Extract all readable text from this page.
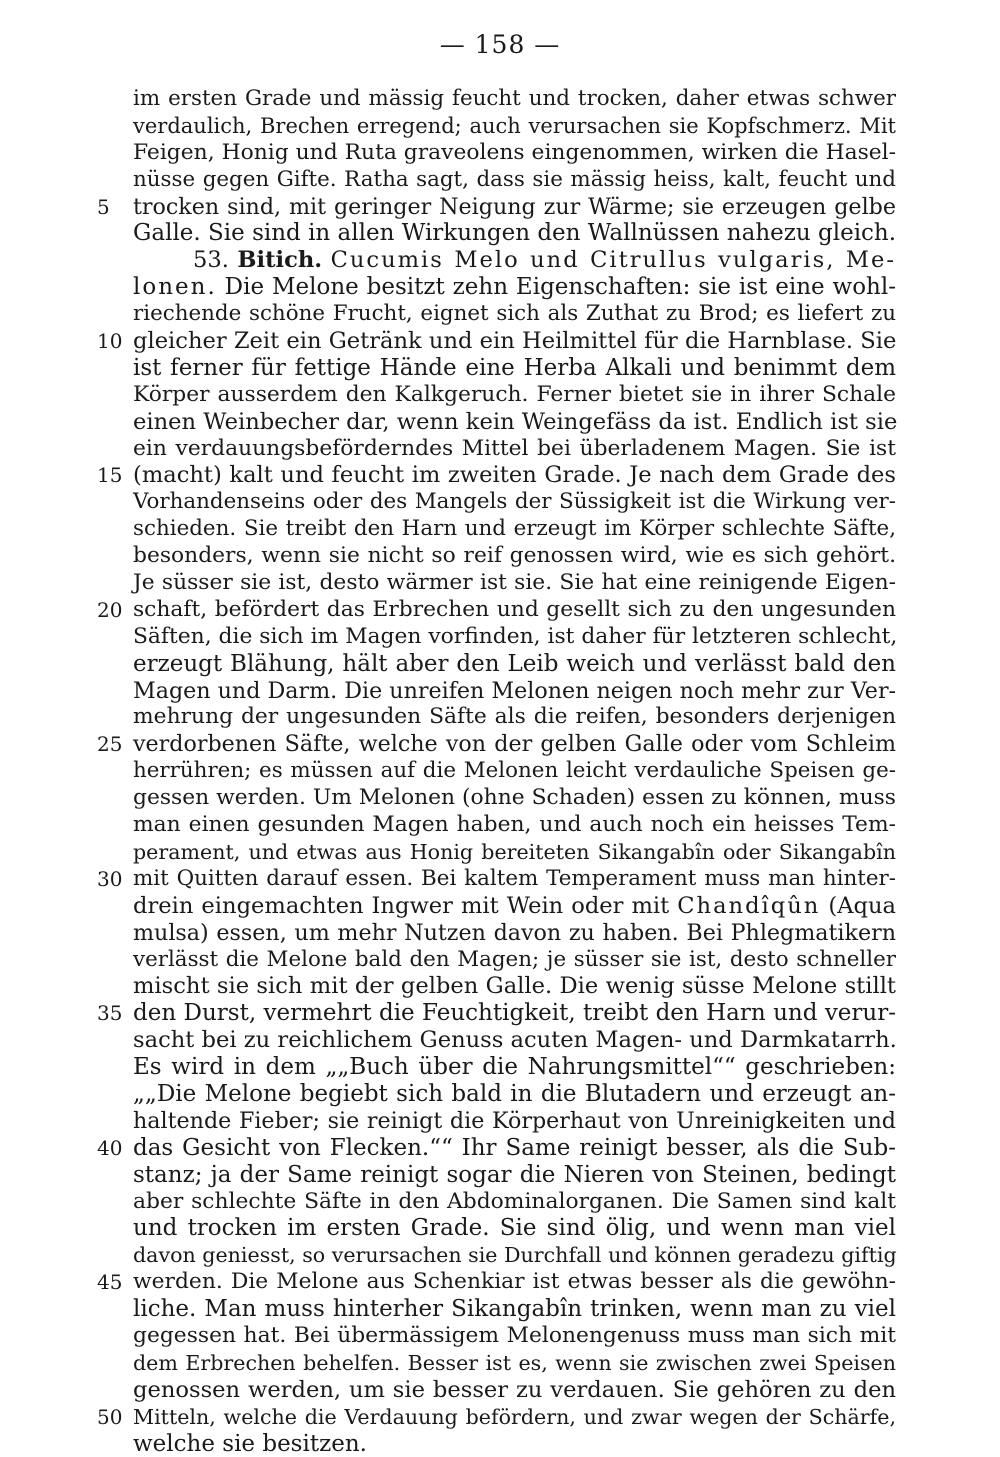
— 158 —
im ersten Grade und mässig feucht und trocken, daher etwas schwer
verdaulich, Brechen erregend; auch verursachen sie Kopfschmerz. Mit
Feigen, Honig und Ruta graveolens eingenommen, wirken die Hasel-
nüsse gegen Gifte. Ratha sagt, dass sie mässig heiss, kalt, feucht und
5	trocken sind, mit geringer Neigung zur Wärme; sie erzeugen gelbe
Galle. Sie sind in allen Wirkungen den Wallnüssen nahezu gleich.
53. Bitich. Cucumis Melo und Citrullus vulgaris, Me-
lonen. Die Melone besitzt zehn Eigenschaften: sie ist eine wohl-
riechende schöne Frucht, eignet sich als Zuthat zu Brod; es liefert zu
10 gleicher Zeit ein Getränk und ein Heilmittel für die Harnblase. Sie
ist ferner für fettige Hände eine Herba Alkali und benimmt dem
Körper ausserdem den Kalkgeruch. Ferner bietet sie in ihrer Schale
einen Weinbecher dar, wenn kein Weingefäss da ist. Endlich ist sie
ein verdauungsbeförderndes Mittel bei überladenem Magen. Sie ist
15 (macht) kalt und feucht im zweiten Grade. Je nach dem Grade des
Vorhandenseins oder des Mangels der Süssigkeit ist die Wirkung ver-
schieden. Sie treibt den Harn und erzeugt im Körper schlechte Säfte,
besonders, wenn sie nicht so reif genossen wird, wie es sich gehört.
Je süsser sie ist, desto wärmer ist sie. Sie hat eine reinigende Eigen-
20 schaft, befördert das Erbrechen und gesellt sich zu den ungesunden
Säften, die sich im Magen vorfinden, ist daher für letzteren schlecht,
erzeugt Blähung, hält aber den Leib weich und verlässt bald den
Magen und Darm. Die unreifen Melonen neigen noch mehr zur Ver-
mehrung der ungesunden Säfte als die reifen, besonders derjenigen
25 verdorbenen Säfte, welche von der gelben Galle oder vom Schleim
herrühren; es müssen auf die Melonen leicht verdauliche Speisen ge-
gessen werden. Um Melonen (ohne Schaden) essen zu können, muss
man einen gesunden Magen haben, und auch noch ein heisses Tem-
perament, und etwas aus Honig bereiteten Sikangabîn oder Sikangabîn
30 mit Quitten darauf essen. Bei kaltem Temperament muss man hinter-
drein eingemachten Ingwer mit Wein oder mit Chandîqûn (Aqua
mulsa) essen, um mehr Nutzen davon zu haben. Bei Phlegmatikern
verlässt die Melone bald den Magen; je süsser sie ist, desto schneller
mischt sie sich mit der gelben Galle. Die wenig süsse Melone stillt
35 den Durst, vermehrt die Feuchtigkeit, treibt den Harn und verur-
sacht bei zu reichlichem Genuss acuten Magen- und Darmkatarrh.
Es wird in dem „„Buch über die Nahrungsmittel““ geschrieben:
„„Die Melone begiebt sich bald in die Blutadern und erzeugt an-
haltende Fieber; sie reinigt die Körperhaut von Unreinigkeiten und
40 das Gesicht von Flecken.““ Ihr Same reinigt besser, als die Sub-
stanz; ja der Same reinigt sogar die Nieren von Steinen, bedingt
aber schlechte Säfte in den Abdominalorganen. Die Samen sind kalt
und trocken im ersten Grade. Sie sind ölig, und wenn man viel
davon geniesst, so verursachen sie Durchfall und können geradezu giftig
45 werden. Die Melone aus Schenkiar ist etwas besser als die gewöhn-
liche. Man muss hinterher Sikangabîn trinken, wenn man zu viel
gegessen hat. Bei übermässigem Melonengenuss muss man sich mit
dem Erbrechen behelfen. Besser ist es, wenn sie zwischen zwei Speisen
genossen werden, um sie besser zu verdauen. Sie gehören zu den
50 Mitteln, welche die Verdauung befördern, und zwar wegen der Schärfe,
welche sie besitzen.
